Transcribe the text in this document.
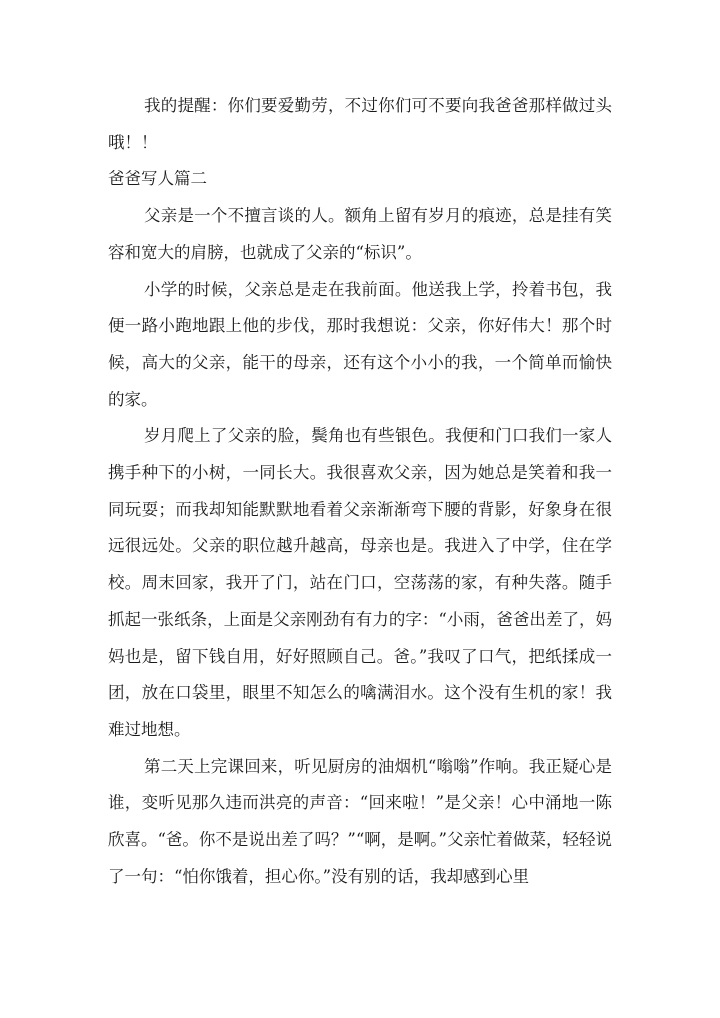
我的提醒：你们要爱勤劳，不过你们可不要向我爸爸那样做过头哦！！

爸爸写人篇二

父亲是一个不擅言谈的人。额角上留有岁月的痕迹，总是挂有笑容和宽大的肩膀，也就成了父亲的“标识”。

小学的时候，父亲总是走在我前面。他送我上学，拎着书包，我便一路小跑地跟上他的步伐，那时我想说：父亲，你好伟大！那个时候，高大的父亲，能干的母亲，还有这个小小的我，一个简单而愉快的家。

岁月爬上了父亲的脸，鬓角也有些银色。我便和门口我们一家人携手种下的小树，一同长大。我很喜欢父亲，因为她总是笑着和我一同玩耍；而我却知能默默地看着父亲渐渐弯下腰的背影，好象身在很远很远处。父亲的职位越升越高，母亲也是。我进入了中学，住在学校。周末回家，我开了门，站在门口，空荡荡的家，有种失落。随手抓起一张纸条，上面是父亲刚劲有有力的字：“小雨，爸爸出差了，妈妈也是，留下钱自用，好好照顾自己。爸。”我叹了口气，把纸揉成一团，放在口袋里，眼里不知怎么的噙满泪水。这个没有生机的家！我难过地想。

第二天上完课回来，听见厨房的油烟机“嗡嗡”作响。我正疑心是谁，变听见那久违而洪亮的声音：“回来啦！”是父亲！心中涌地一陈欣喜。“爸。你不是说出差了吗？”“啊，是啊。”父亲忙着做菜，轻轻说了一句：“怕你饿着，担心你。”没有别的话，我却感到心里
